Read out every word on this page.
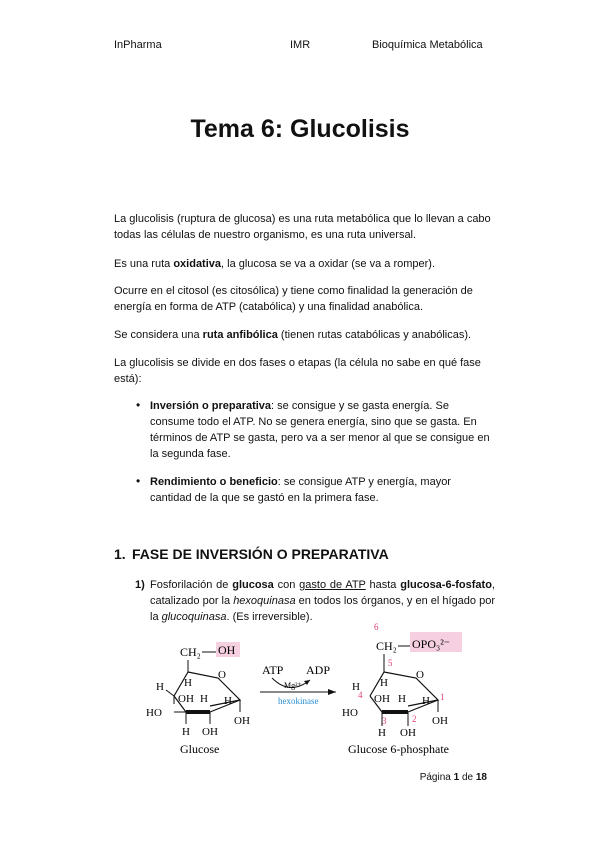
InPharma	IMR	Bioquímica Metabólica
Tema 6: Glucolisis
La glucolisis (ruptura de glucosa) es una ruta metabólica que lo llevan a cabo todas las células de nuestro organismo, es una ruta universal.
Es una ruta oxidativa, la glucosa se va a oxidar (se va a romper).
Ocurre en el citosol (es citosólica) y tiene como finalidad la generación de energía en forma de ATP (catabólica) y una finalidad anabólica.
Se considera una ruta anfibólica (tienen rutas catabólicas y anabólicas).
La glucolisis se divide en dos fases o etapas (la célula no sabe en qué fase está):
• Inversión o preparativa: se consigue y se gasta energía. Se consume todo el ATP. No se genera energía, sino que se gasta. En términos de ATP se gasta, pero va a ser menor al que se consigue en la segunda fase.
• Rendimiento o beneficio: se consigue ATP y energía, mayor cantidad de la que se gastó en la primera fase.
1. FASE DE INVERSIÓN O PREPARATIVA
1) Fosforilación de glucosa con gasto de ATP hasta glucosa-6-fosfato, catalizado por la hexoquinasa en todos los órganos, y en el hígado por la glucoquinasa. (Es irreversible).
CH₂ OH
O
H
H
OH H H
HO
OH
H OH
Glucose
ATP ADP
Mg²⁺
hexokinase
6
CH₂ OPO₃²⁻
5
O
H
H
4 OH H H 1
HO
OH
3	2
H OH
Glucose 6-phosphate
Página 1 de 18
